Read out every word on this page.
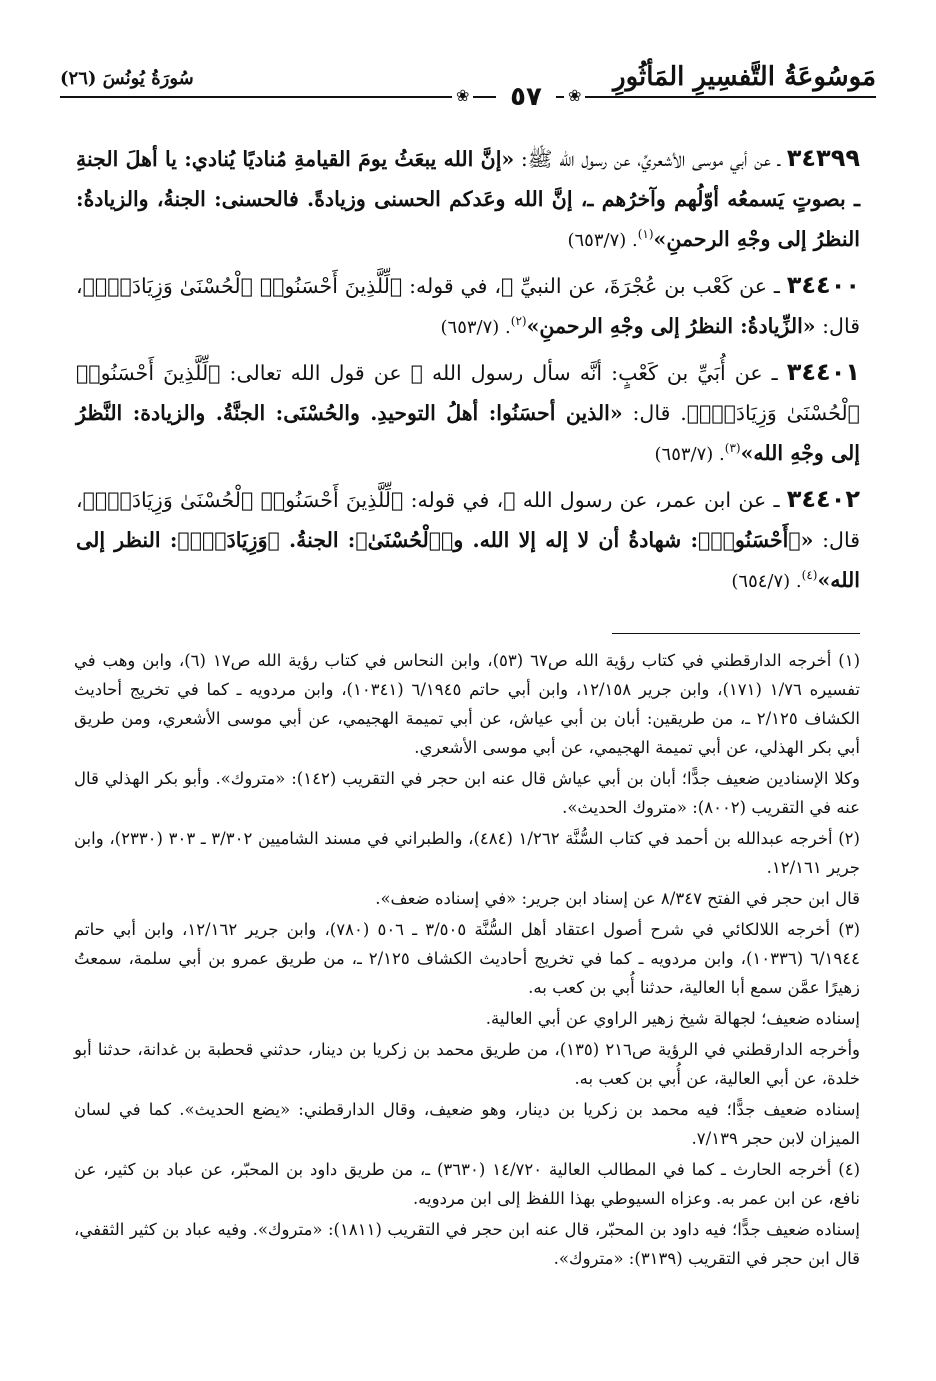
مَوسُوعَةُ التَّفسِيرِ المَأثُورِ
سُورَةُ يُونُسَ (٢٦)
❀
٥٧
❀

٣٤٣٩٩ ـ عن أبي موسى الأشعريِّ، عن رسول الله ﷺ: «إنَّ الله يبعَثُ يومَ القيامةِ مُناديًا يُنادي: يا أهلَ الجنةِ ـ بصوتٍ يَسمعُه أوّلُهم وآخرُهم ـ، إنَّ الله وعَدكم الحسنى وزيادةً. فالحسنى: الجنةُ، والزيادةُ: النظرُ إلى وجْهِ الرحمنِ»$^{(١)}$. (٦٥٣/٧)

٣٤٤٠٠ ـ عن كَعْب بن عُجْرَةَ، عن النبيِّ ﷺ، في قوله: ﴿لِّلَّذِينَ أَحْسَنُوا۟ ٱلْحُسْنَىٰ وَزِيَادَةٌۭ﴾، قال: «الزِّيادةُ: النظرُ إلى وجْهِ الرحمنِ»$^{(٢)}$. (٦٥٣/٧)

٣٤٤٠١ ـ عن أُبَيِّ بن كَعْبٍ: أنَّه سأل رسول الله ﷺ عن قول الله تعالى: ﴿لِّلَّذِينَ أَحْسَنُوا۟ ٱلْحُسْنَىٰ وَزِيَادَةٌۭ﴾. قال: «الذين أحسَنُوا: أهلُ التوحيدِ. والحُسْنَى: الجنَّةُ. والزيادة: النَّظرُ إلى وجْهِ الله»$^{(٣)}$. (٦٥٣/٧)

٣٤٤٠٢ ـ عن ابن عمر، عن رسول الله ﷺ، في قوله: ﴿لِّلَّذِينَ أَحْسَنُوا۟ ٱلْحُسْنَىٰ وَزِيَادَةٌۭ﴾، قال: «﴿أَحْسَنُوا۟﴾: شهادةُ أن لا إله إلا الله. و﴿ٱلْحُسْنَىٰ﴾: الجنةُ. ﴿وَزِيَادَةٌۭ﴾: النظر إلى الله»$^{(٤)}$. (٦٥٤/٧)

(١) أخرجه الدارقطني في كتاب رؤية الله ص٦٧ (٥٣)، وابن النحاس في كتاب رؤية الله ص١٧ (٦)، وابن وهب في تفسيره ١/٧٦ (١٧١)، وابن جرير ١٢/١٥٨، وابن أبي حاتم ٦/١٩٤٥ (١٠٣٤١)، وابن مردويه ـ كما في تخريج أحاديث الكشاف ٢/١٢٥ ـ، من طريقين: أبان بن أبي عياش، عن أبي تميمة الهجيمي، عن أبي موسى الأشعري، ومن طريق أبي بكر الهذلي، عن أبي تميمة الهجيمي، عن أبي موسى الأشعري.

وكلا الإسنادين ضعيف جدًّا؛ أبان بن أبي عياش قال عنه ابن حجر في التقريب (١٤٢): «متروك». وأبو بكر الهذلي قال عنه في التقريب (٨٠٠٢): «متروك الحديث».

(٢) أخرجه عبدالله بن أحمد في كتاب السُّنَّة ١/٢٦٢ (٤٨٤)، والطبراني في مسند الشاميين ٣/٣٠٢ ـ ٣٠٣ (٢٣٣٠)، وابن جرير ١٢/١٦١.

قال ابن حجر في الفتح ٨/٣٤٧ عن إسناد ابن جرير: «في إسناده ضعف».

(٣) أخرجه اللالكائي في شرح أصول اعتقاد أهل السُّنَّة ٣/٥٠٥ ـ ٥٠٦ (٧٨٠)، وابن جرير ١٢/١٦٢، وابن أبي حاتم ٦/١٩٤٤ (١٠٣٣٦)، وابن مردويه ـ كما في تخريج أحاديث الكشاف ٢/١٢٥ ـ، من طريق عمرو بن أبي سلمة، سمعتُ زهيرًا عمَّن سمع أبا العالية، حدثنا أُبي بن كعب به.

إسناده ضعيف؛ لجهالة شيخ زهير الراوي عن أبي العالية.

وأخرجه الدارقطني في الرؤية ص٢١٦ (١٣٥)، من طريق محمد بن زكريا بن دينار، حدثني قحطبة بن غدانة، حدثنا أبو خلدة، عن أبي العالية، عن أُبي بن كعب به.

إسناده ضعيف جدًّا؛ فيه محمد بن زكريا بن دينار، وهو ضعيف، وقال الدارقطني: «يضع الحديث». كما في لسان الميزان لابن حجر ٧/١٣٩.

(٤) أخرجه الحارث ـ كما في المطالب العالية ١٤/٧٢٠ (٣٦٣٠) ـ، من طريق داود بن المحبّر، عن عباد بن كثير، عن نافع، عن ابن عمر به. وعزاه السيوطي بهذا اللفظ إلى ابن مردويه.

إسناده ضعيف جدًّا؛ فيه داود بن المحبّر، قال عنه ابن حجر في التقريب (١٨١١): «متروك». وفيه عباد بن كثير الثقفي، قال ابن حجر في التقريب (٣١٣٩): «متروك».
